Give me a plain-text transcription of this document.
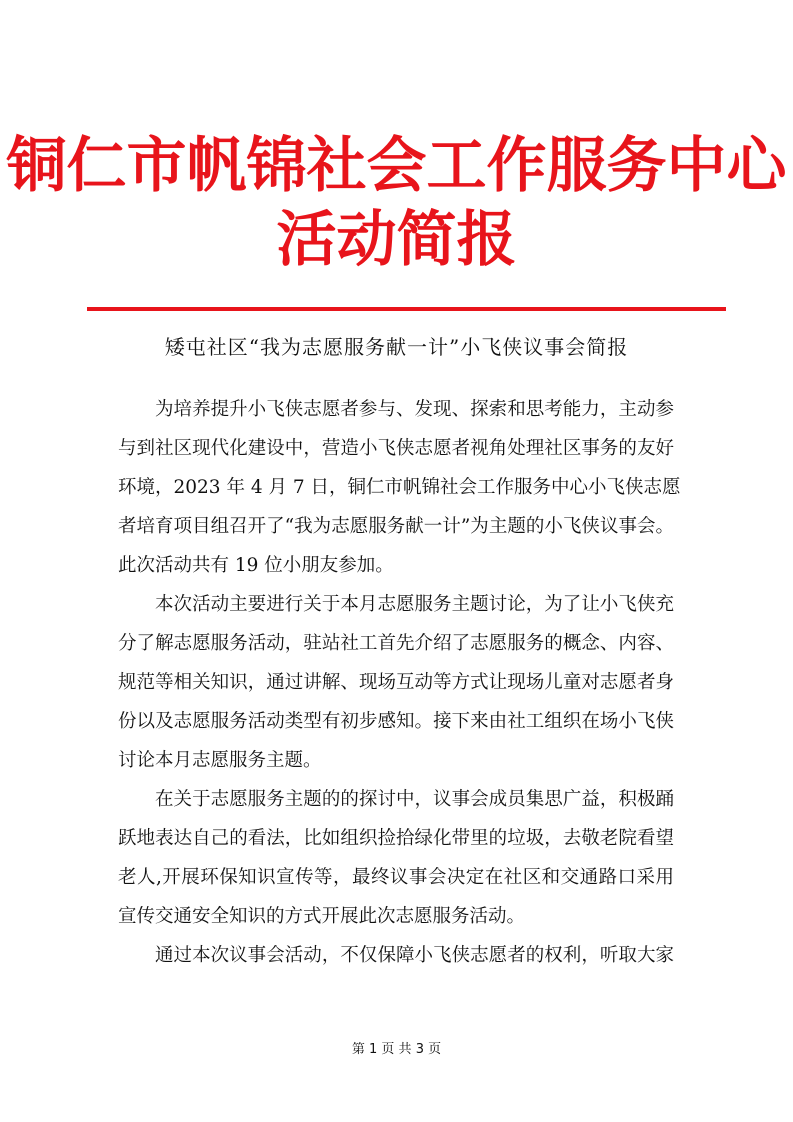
铜仁市帆锦社会工作服务中心
活动简报
矮屯社区“我为志愿服务献一计”小飞侠议事会简报
为培养提升小飞侠志愿者参与、发现、探索和思考能力，主动参
与到社区现代化建设中，营造小飞侠志愿者视角处理社区事务的友好
环境，2023 年 4 月 7 日，铜仁市帆锦社会工作服务中心小飞侠志愿
者培育项目组召开了“我为志愿服务献一计”为主题的小飞侠议事会。
此次活动共有 19 位小朋友参加。
本次活动主要进行关于本月志愿服务主题讨论，为了让小飞侠充
分了解志愿服务活动，驻站社工首先介绍了志愿服务的概念、内容、
规范等相关知识，通过讲解、现场互动等方式让现场儿童对志愿者身
份以及志愿服务活动类型有初步感知。接下来由社工组织在场小飞侠
讨论本月志愿服务主题。
在关于志愿服务主题的的探讨中，议事会成员集思广益，积极踊
跃地表达自己的看法，比如组织捡拾绿化带里的垃圾，去敬老院看望
老人,开展环保知识宣传等，最终议事会决定在社区和交通路口采用
宣传交通安全知识的方式开展此次志愿服务活动。
通过本次议事会活动，不仅保障小飞侠志愿者的权利，听取大家
第 1 页 共 3 页
